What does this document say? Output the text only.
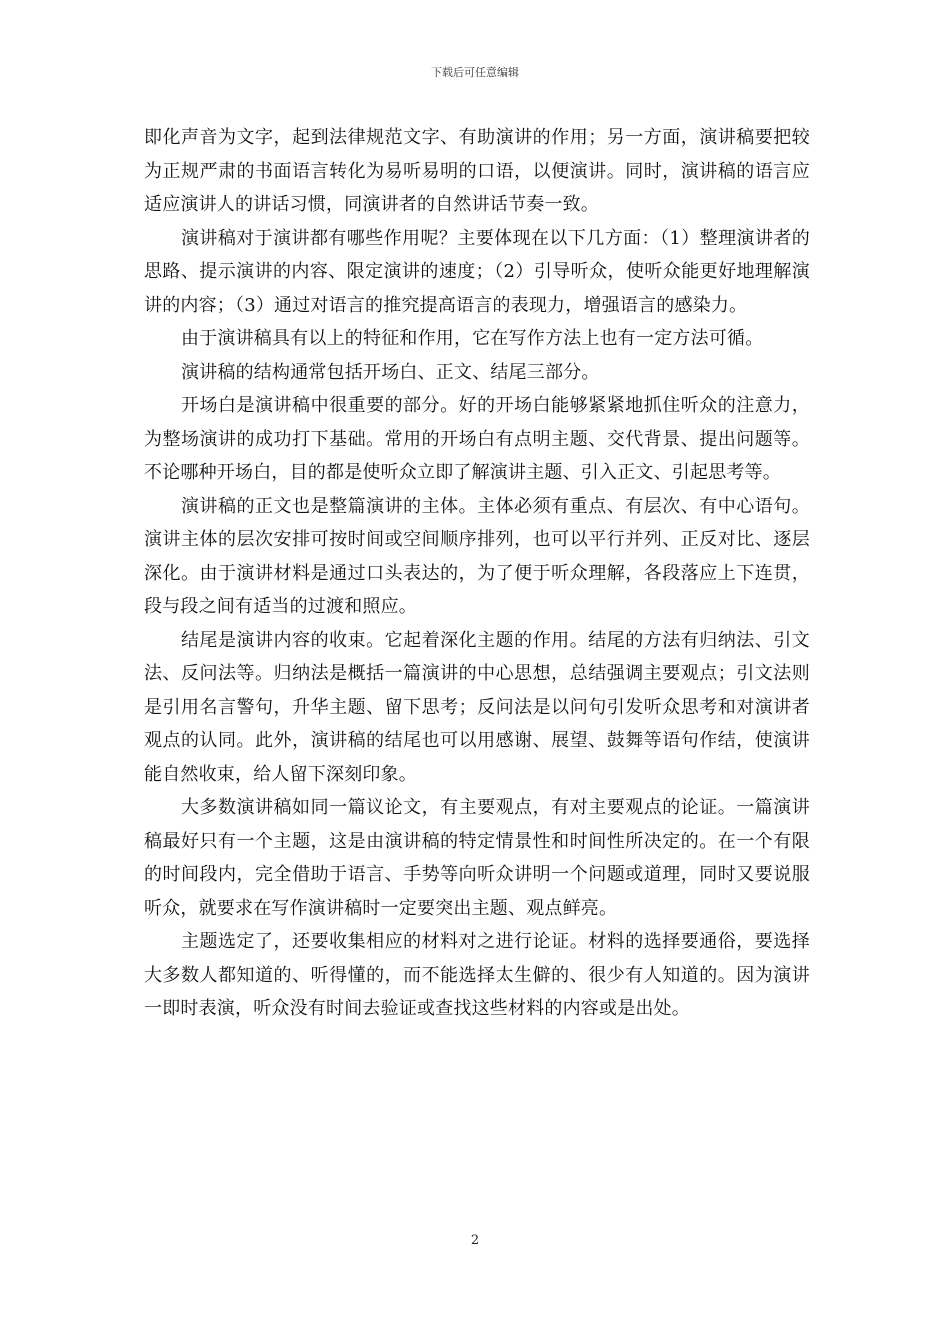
下载后可任意编辑

即化声音为文字，起到法律规范文字、有助演讲的作用；另一方面，演讲稿要把较为正规严肃的书面语言转化为易听易明的口语，以便演讲。同时，演讲稿的语言应适应演讲人的讲话习惯，同演讲者的自然讲话节奏一致。

演讲稿对于演讲都有哪些作用呢？主要体现在以下几方面：（1）整理演讲者的思路、提示演讲的内容、限定演讲的速度；（2）引导听众，使听众能更好地理解演讲的内容；（3）通过对语言的推究提高语言的表现力，增强语言的感染力。

由于演讲稿具有以上的特征和作用，它在写作方法上也有一定方法可循。

演讲稿的结构通常包括开场白、正文、结尾三部分。

开场白是演讲稿中很重要的部分。好的开场白能够紧紧地抓住听众的注意力，为整场演讲的成功打下基础。常用的开场白有点明主题、交代背景、提出问题等。不论哪种开场白，目的都是使听众立即了解演讲主题、引入正文、引起思考等。

演讲稿的正文也是整篇演讲的主体。主体必须有重点、有层次、有中心语句。演讲主体的层次安排可按时间或空间顺序排列，也可以平行并列、正反对比、逐层深化。由于演讲材料是通过口头表达的，为了便于听众理解，各段落应上下连贯，段与段之间有适当的过渡和照应。

结尾是演讲内容的收束。它起着深化主题的作用。结尾的方法有归纳法、引文法、反问法等。归纳法是概括一篇演讲的中心思想，总结强调主要观点；引文法则是引用名言警句，升华主题、留下思考；反问法是以问句引发听众思考和对演讲者观点的认同。此外，演讲稿的结尾也可以用感谢、展望、鼓舞等语句作结，使演讲能自然收束，给人留下深刻印象。

大多数演讲稿如同一篇议论文，有主要观点，有对主要观点的论证。一篇演讲稿最好只有一个主题，这是由演讲稿的特定情景性和时间性所决定的。在一个有限的时间段内，完全借助于语言、手势等向听众讲明一个问题或道理，同时又要说服听众，就要求在写作演讲稿时一定要突出主题、观点鲜亮。

主题选定了，还要收集相应的材料对之进行论证。材料的选择要通俗，要选择大多数人都知道的、听得懂的，而不能选择太生僻的、很少有人知道的。因为演讲一即时表演，听众没有时间去验证或查找这些材料的内容或是出处。

2
